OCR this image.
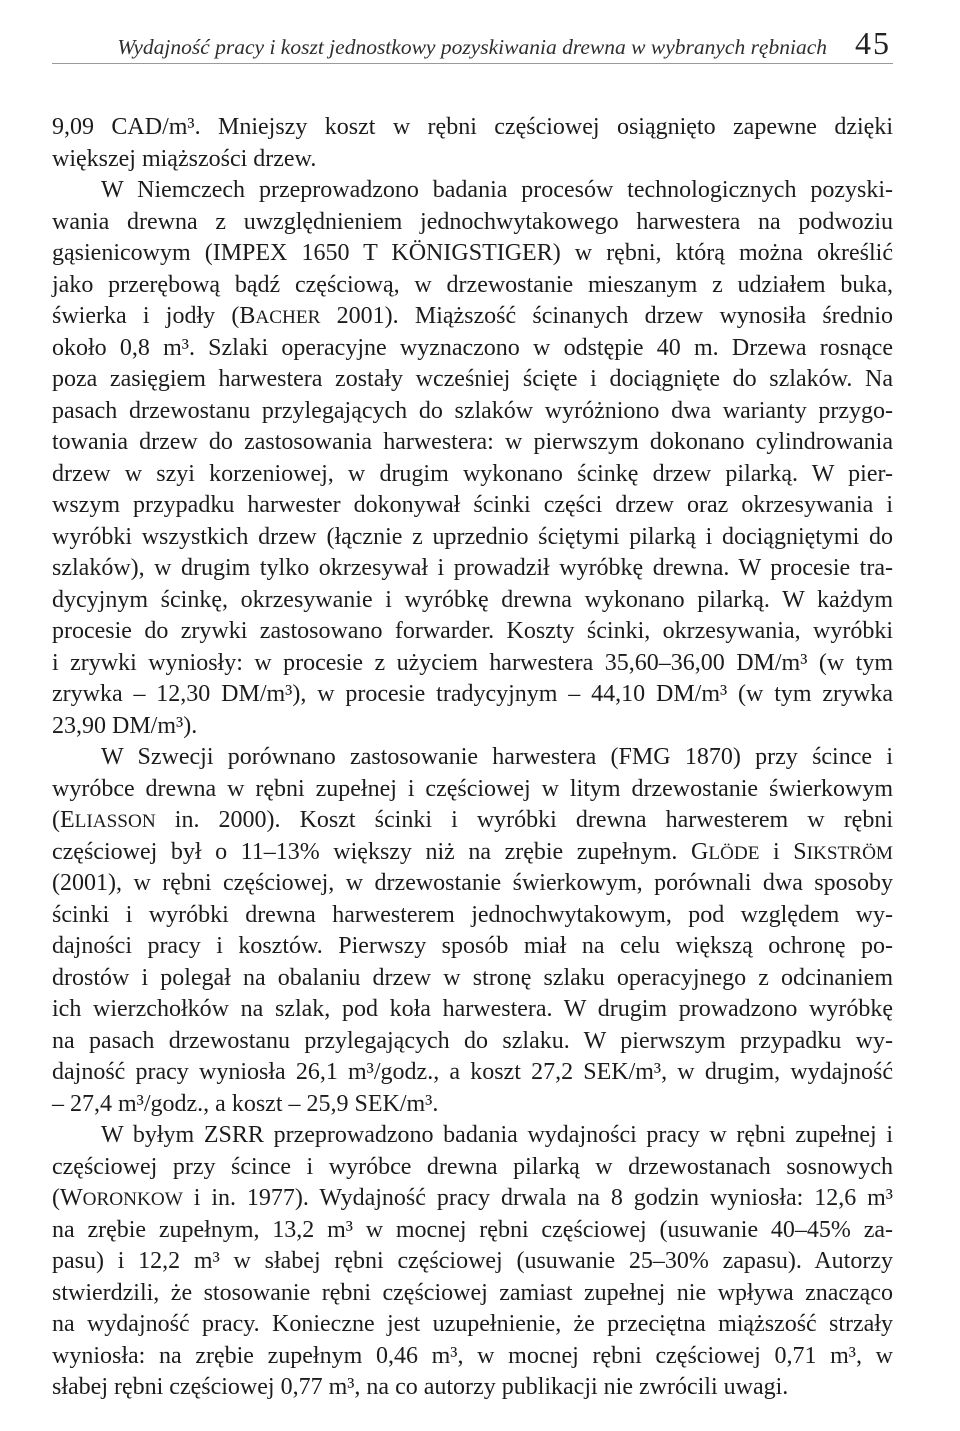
Wydajność pracy i koszt jednostkowy pozyskiwania drewna w wybranych rębniach 45
9,09 CAD/m³. Mniejszy koszt w rębni częściowej osiągnięto zapewne dzięki
większej miąższości drzew.
W Niemczech przeprowadzono badania procesów technologicznych pozyski-
wania drewna z uwzględnieniem jednochwytakowego harwestera na podwoziu
gąsienicowym (IMPEX 1650 T KÖNIGSTIGER) w rębni, którą można określić
jako przerębową bądź częściową, w drzewostanie mieszanym z udziałem buka,
świerka i jodły (BACHER 2001). Miąższość ścinanych drzew wynosiła średnio
około 0,8 m³. Szlaki operacyjne wyznaczono w odstępie 40 m. Drzewa rosnące
poza zasięgiem harwestera zostały wcześniej ścięte i dociągnięte do szlaków. Na
pasach drzewostanu przylegających do szlaków wyróżniono dwa warianty przygo-
towania drzew do zastosowania harwestera: w pierwszym dokonano cylindrowania
drzew w szyi korzeniowej, w drugim wykonano ścinkę drzew pilarką. W pier-
wszym przypadku harwester dokonywał ścinki części drzew oraz okrzesywania i
wyróbki wszystkich drzew (łącznie z uprzednio ściętymi pilarką i dociągniętymi do
szlaków), w drugim tylko okrzesywał i prowadził wyróbkę drewna. W procesie tra-
dycyjnym ścinkę, okrzesywanie i wyróbkę drewna wykonano pilarką. W każdym
procesie do zrywki zastosowano forwarder. Koszty ścinki, okrzesywania, wyróbki
i zrywki wyniosły: w procesie z użyciem harwestera 35,60–36,00 DM/m³ (w tym
zrywka – 12,30 DM/m³), w procesie tradycyjnym – 44,10 DM/m³ (w tym zrywka
23,90 DM/m³).
W Szwecji porównano zastosowanie harwestera (FMG 1870) przy ścince i
wyróbce drewna w rębni zupełnej i częściowej w litym drzewostanie świerkowym
(ELIASSON in. 2000). Koszt ścinki i wyróbki drewna harwesterem w rębni
częściowej był o 11–13% większy niż na zrębie zupełnym. GLÖDE i SIKSTRÖM
(2001), w rębni częściowej, w drzewostanie świerkowym, porównali dwa sposoby
ścinki i wyróbki drewna harwesterem jednochwytakowym, pod względem wy-
dajności pracy i kosztów. Pierwszy sposób miał na celu większą ochronę po-
drostów i polegał na obalaniu drzew w stronę szlaku operacyjnego z odcinaniem
ich wierzchołków na szlak, pod koła harwestera. W drugim prowadzono wyróbkę
na pasach drzewostanu przylegających do szlaku. W pierwszym przypadku wy-
dajność pracy wyniosła 26,1 m³/godz., a koszt 27,2 SEK/m³, w drugim, wydajność
– 27,4 m³/godz., a koszt – 25,9 SEK/m³.
W byłym ZSRR przeprowadzono badania wydajności pracy w rębni zupełnej i
częściowej przy ścince i wyróbce drewna pilarką w drzewostanach sosnowych
(WORONKOW i in. 1977). Wydajność pracy drwala na 8 godzin wyniosła: 12,6 m³
na zrębie zupełnym, 13,2 m³ w mocnej rębni częściowej (usuwanie 40–45% za-
pasu) i 12,2 m³ w słabej rębni częściowej (usuwanie 25–30% zapasu). Autorzy
stwierdzili, że stosowanie rębni częściowej zamiast zupełnej nie wpływa znacząco
na wydajność pracy. Konieczne jest uzupełnienie, że przeciętna miąższość strzały
wyniosła: na zrębie zupełnym 0,46 m³, w mocnej rębni częściowej 0,71 m³, w
słabej rębni częściowej 0,77 m³, na co autorzy publikacji nie zwrócili uwagi.
